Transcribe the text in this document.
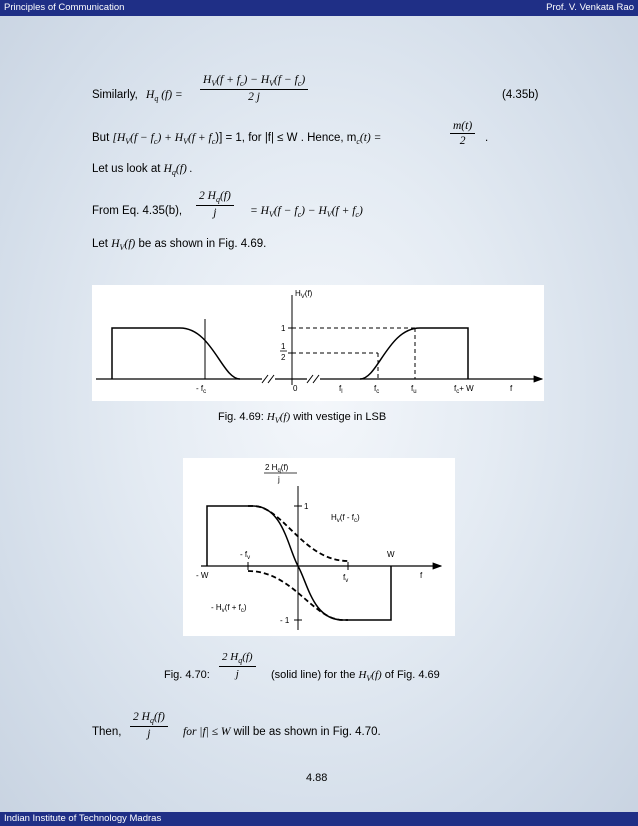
Principles of Communication	Prof. V. Venkata Rao
Indian Institute of Technology Madras
Similarly, $H_q$ $(f) = \frac{H_V(f + f_c) - H_V(f - f_c)}{2 j}$	(4.35b)
But $[H_V(f - f_c) + H_V(f + f_c)] = 1$, for |f| ≤ W . Hence, $m_c(t)$ =	$\frac{m(t)}{2}$ .
Let us look at $H_q(f)$ .
From Eq. 4.35(b), $\frac{2 H_q(f)}{j} = H_V(f - f_c) - H_V(f + f_c)$
Let $H_V(f)$ be as shown in Fig. 4.69.
$H_V(f)$
1
1
2
0
- $f_c$	$f_l$	$f_c$	$f_u$	$f_c+ W$	f
Fig. 4.69: $H_V(f)$ with vestige in LSB
2 $H_q(f)$
j
1
- 1
$H_v(f - f_c)$
- $H_v(f + f_c)$
- $f_v$
$f_v$
- W
W
f
Fig. 4.70: $\frac{2 H_q(f)}{j}$ (solid line) for the $H_V(f)$ of Fig. 4.69
Then, $\frac{2 H_q(f)}{j}$ for |f| ≤ W will be as shown in Fig. 4.70.
4.88
